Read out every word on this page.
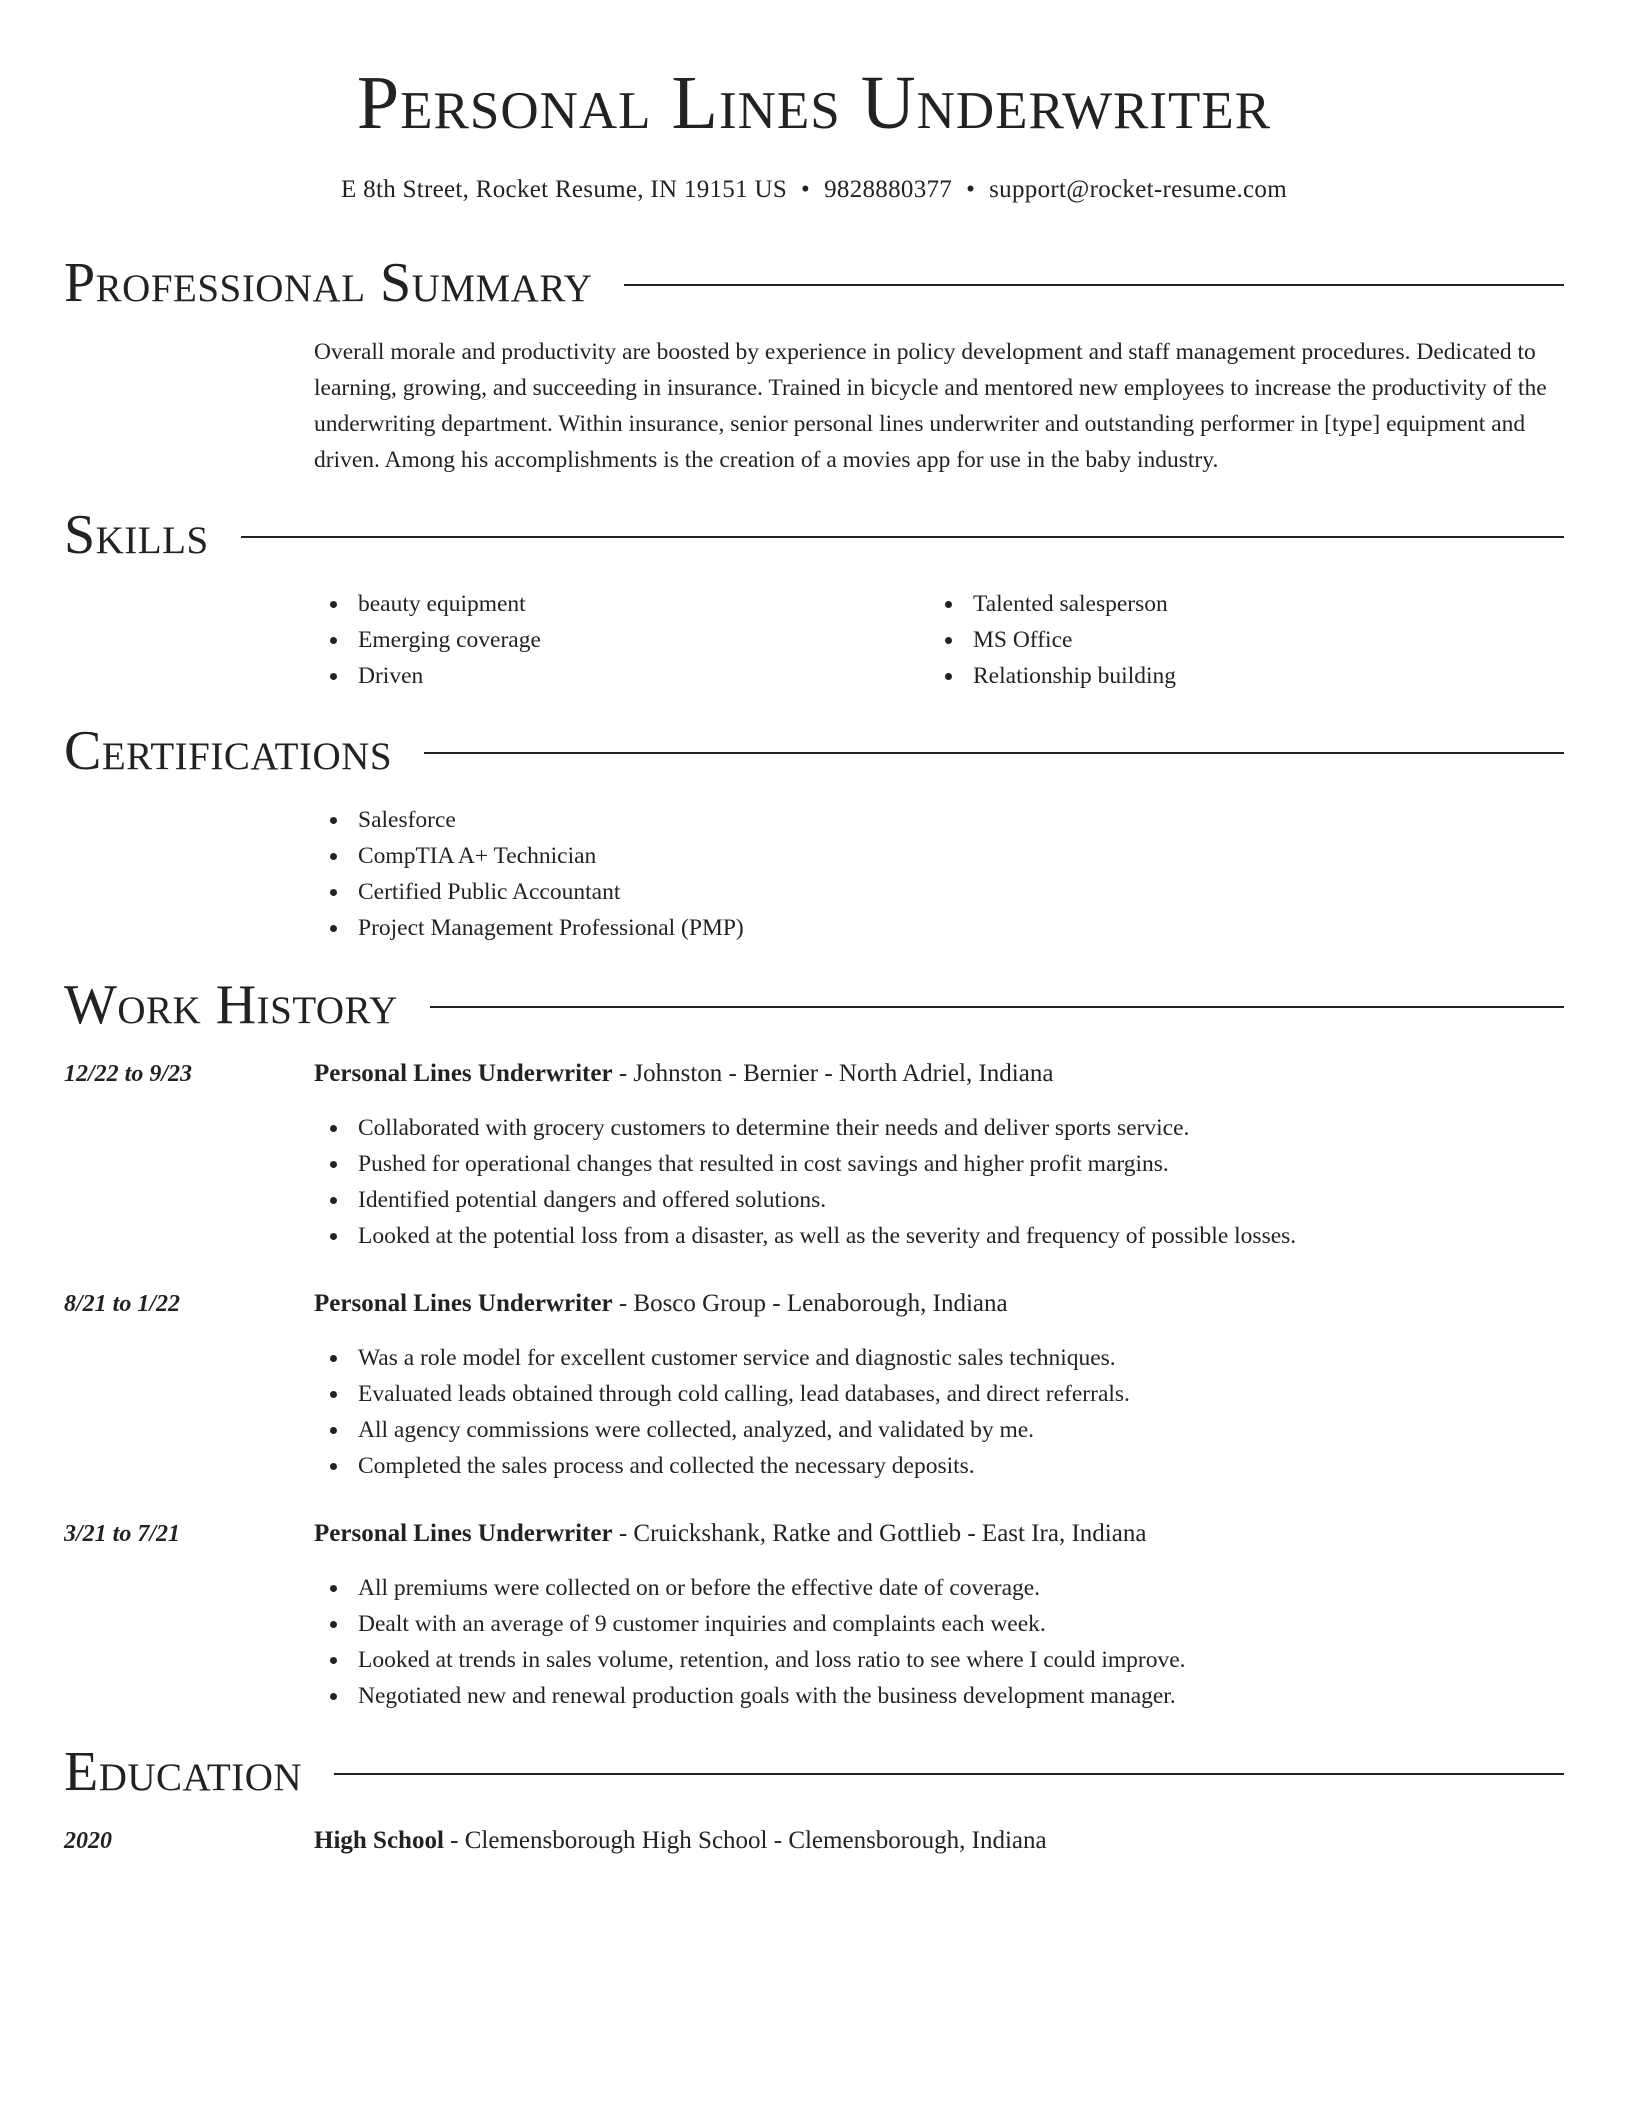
Personal Lines Underwriter
E 8th Street, Rocket Resume, IN 19151 US • 9828880377 • support@rocket-resume.com
Professional Summary

Overall morale and productivity are boosted by experience in policy development and staff management procedures. Dedicated to learning, growing, and succeeding in insurance. Trained in bicycle and mentored new employees to increase the productivity of the underwriting department. Within insurance, senior personal lines underwriter and outstanding performer in [type] equipment and driven. Among his accomplishments is the creation of a movies app for use in the baby industry.

Skills
beauty equipment
Emerging coverage
Driven
Talented salesperson
MS Office
Relationship building
Certifications
Salesforce
CompTIA A+ Technician
Certified Public Accountant
Project Management Professional (PMP)
Work History
12/22 to 9/23	Personal Lines Underwriter - Johnston - Bernier - North Adriel, Indiana
Collaborated with grocery customers to determine their needs and deliver sports service.
Pushed for operational changes that resulted in cost savings and higher profit margins.
Identified potential dangers and offered solutions.
Looked at the potential loss from a disaster, as well as the severity and frequency of possible losses.
8/21 to 1/22	Personal Lines Underwriter - Bosco Group - Lenaborough, Indiana
Was a role model for excellent customer service and diagnostic sales techniques.
Evaluated leads obtained through cold calling, lead databases, and direct referrals.
All agency commissions were collected, analyzed, and validated by me.
Completed the sales process and collected the necessary deposits.
3/21 to 7/21	Personal Lines Underwriter - Cruickshank, Ratke and Gottlieb - East Ira, Indiana
All premiums were collected on or before the effective date of coverage.
Dealt with an average of 9 customer inquiries and complaints each week.
Looked at trends in sales volume, retention, and loss ratio to see where I could improve.
Negotiated new and renewal production goals with the business development manager.
Education
2020	High School - Clemensborough High School - Clemensborough, Indiana
